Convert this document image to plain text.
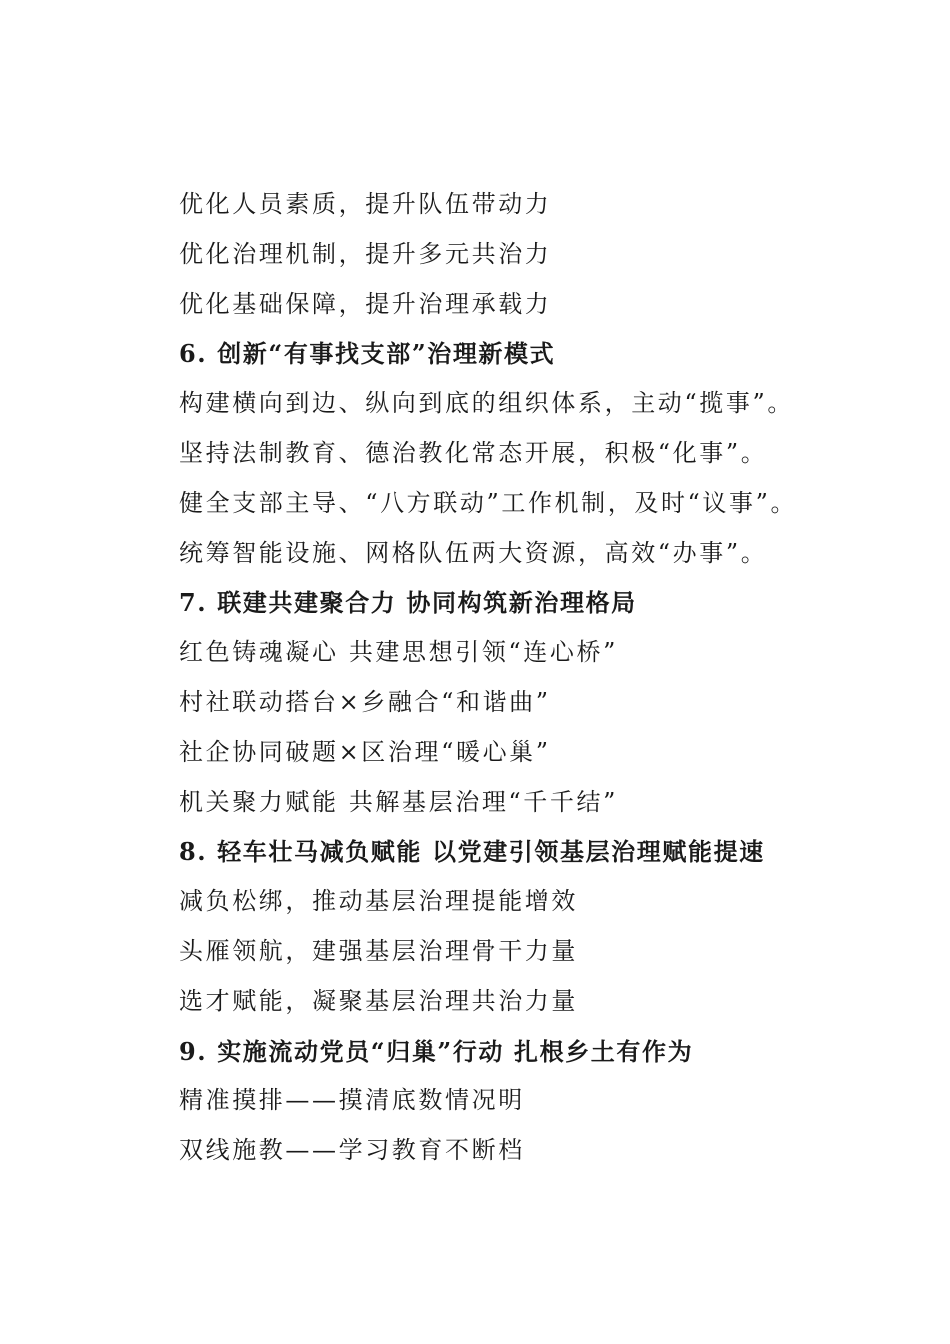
优化人员素质，提升队伍带动力
优化治理机制，提升多元共治力
优化基础保障，提升治理承载力
6. 创新“有事找支部”治理新模式
构建横向到边、纵向到底的组织体系，主动“揽事”。
坚持法制教育、德治教化常态开展，积极“化事”。
健全支部主导、“八方联动”工作机制，及时“议事”。
统筹智能设施、网格队伍两大资源，高效“办事”。
7. 联建共建聚合力 协同构筑新治理格局
红色铸魂凝心 共建思想引领“连心桥”
村社联动搭台×乡融合“和谐曲”
社企协同破题×区治理“暖心巢”
机关聚力赋能 共解基层治理“千千结”
8. 轻车壮马减负赋能 以党建引领基层治理赋能提速
减负松绑，推动基层治理提能增效
头雁领航，建强基层治理骨干力量
选才赋能，凝聚基层治理共治力量
9. 实施流动党员“归巢”行动 扎根乡土有作为
精准摸排——摸清底数情况明
双线施教——学习教育不断档
